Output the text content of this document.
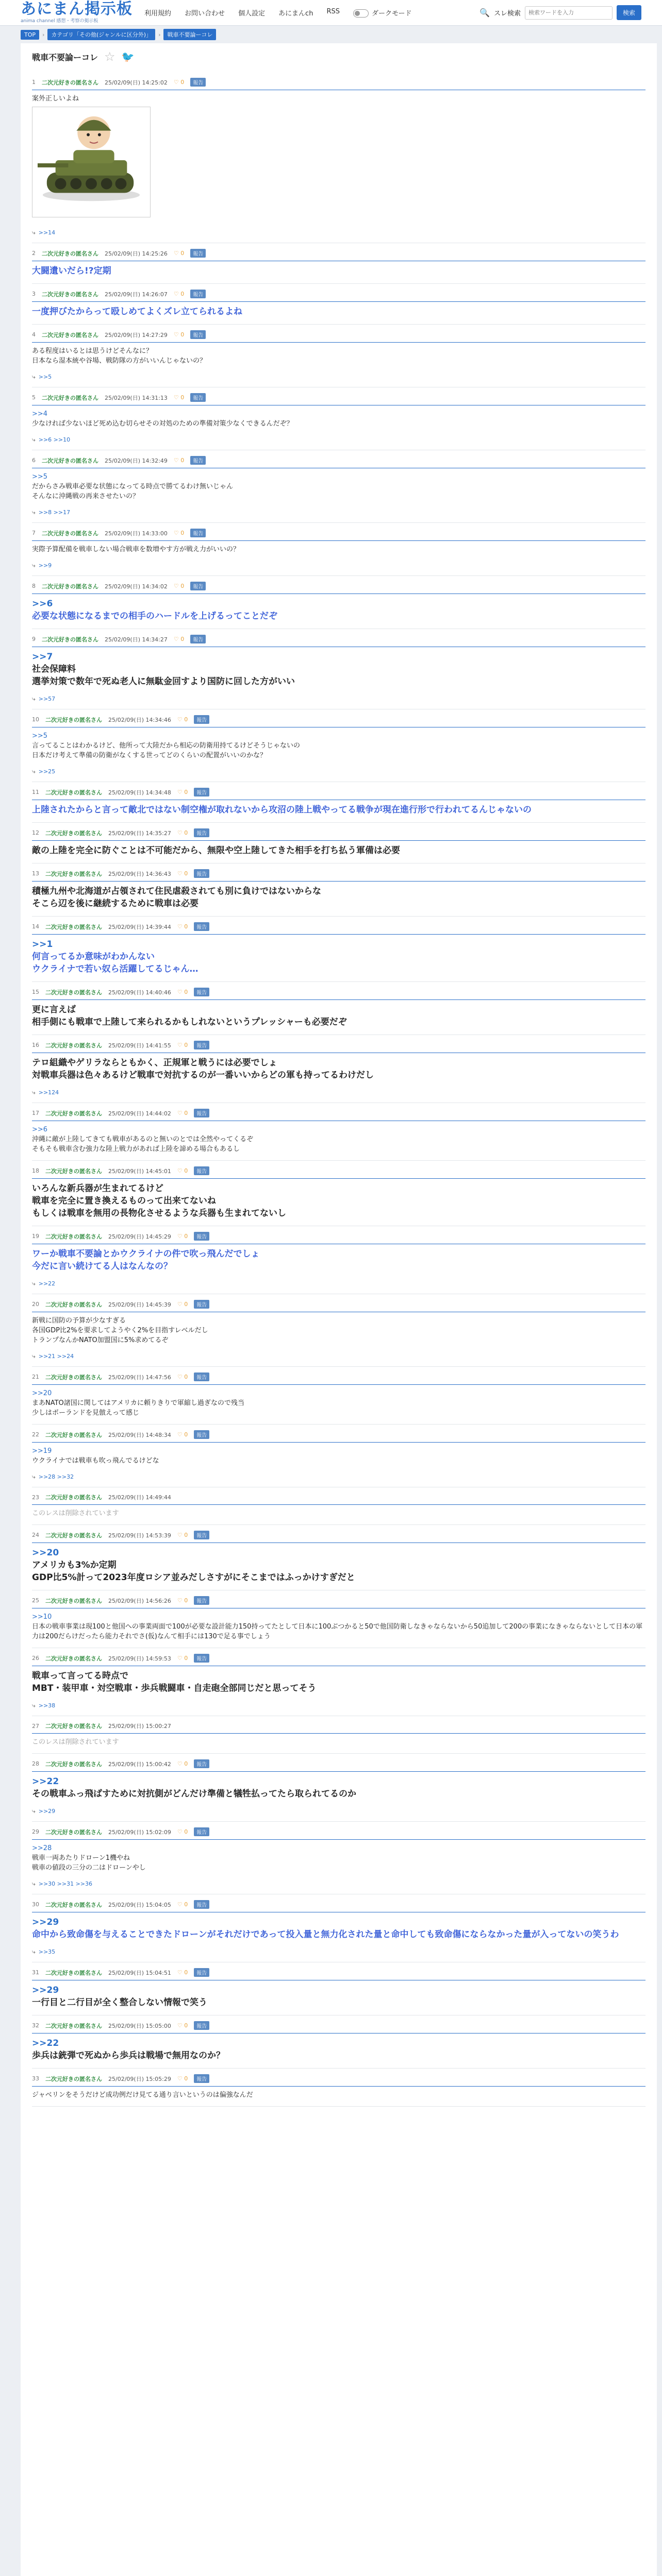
あにまん掲示板
anima channel 感想・考察の掲示板
利用規約 お問い合わせ 個人設定 あにまんch RSS	ダークモード	🔍 スレ検索
検索ワードを入力	検索
TOP	›	カテゴリ「その他(ジャンルに区分外)」	›	戦車不要論ーコレ
戦車不要論ーコレ ☆ 🐦
1 二次元好きの匿名さん 25/02/09(日) 14:25:02 ♡ 0	報告
案外正しいよね
⤷ >>14
2 二次元好きの匿名さん 25/02/09(日) 14:25:26 ♡ 0	報告
大闘遺いだら!?定期
3 二次元好きの匿名さん 25/02/09(日) 14:26:07 ♡ 0	報告
一度押びたからって殴しめてよくズレ立てられるよね
4 二次元好きの匿名さん 25/02/09(日) 14:27:29 ♡ 0	報告
ある程度はいるとは思うけどそんなに？
日本なら湿本統や谷場、戦防隊の方がいいんじゃないの？
⤷ >>5
5 二次元好きの匿名さん 25/02/09(日) 14:31:13 ♡ 0	報告
>>4
少なければ少ないほど死め込む切らせその対処のための準備対策少なくできるんだぞ？
⤷ >>6 >>10
6 二次元好きの匿名さん 25/02/09(日) 14:32:49 ♡ 0	報告
>>5
だからさみ戦車必要な状態になってる時点で勝てるわけ無いじゃん
そんなに沖縄戦の再来させたいの？
⤷ >>8 >>17
7 二次元好きの匿名さん 25/02/09(日) 14:33:00 ♡ 0	報告
実際予算配備を戦車しない場合戦車を数増やす方が戦え力がいいの？
⤷ >>9
8 二次元好きの匿名さん 25/02/09(日) 14:34:02 ♡ 0	報告
>>6
必要な状態になるまでの相手のハードルを上げるってことだぞ
9 二次元好きの匿名さん 25/02/09(日) 14:34:27 ♡ 0	報告
>>7
社会保障料
選挙対策で数年で死ぬ老人に無駄金回すより国防に回した方がいい
⤷ >>57
10 二次元好きの匿名さん 25/02/09(日) 14:34:46 ♡ 0	報告
>>5
言ってることはわかるけど、他所って大陸だから相応の防衛用持てるけどそうじゃないの
日本だけ考えて準備の防衛がなくする世ってどのくらいの配置がいいのかな？
⤷ >>25
11 二次元好きの匿名さん 25/02/09(日) 14:34:48 ♡ 0	報告
上陸されたからと言って敵北ではない制空権が取れないから攻沼の陸上戦やってる戦争が現在進行形で行われてるんじゃないの
12 二次元好きの匿名さん 25/02/09(日) 14:35:27 ♡ 0	報告
敵の上陸を完全に防ぐことは不可能だから、無限や空上陸してきた相手を打ち払う軍備は必要
13 二次元好きの匿名さん 25/02/09(日) 14:36:43 ♡ 0	報告
積極九州や北海道が占領されて住民虐殺されても別に負けではないからな
そこら辺を後に継続するために戦車は必要
14 二次元好きの匿名さん 25/02/09(日) 14:39:44 ♡ 0	報告
>>1
何言ってるか意味がわかんない
ウクライナで若い奴ら活躍してるじゃん…
15 二次元好きの匿名さん 25/02/09(日) 14:40:46 ♡ 0	報告
更に言えば
相手側にも戦車で上陸して来られるかもしれないというプレッシャーも必要だぞ
16 二次元好きの匿名さん 25/02/09(日) 14:41:55 ♡ 0	報告
テロ組織やゲリラならともかく、正規軍と戦うには必要でしょ
対戦車兵器は色々あるけど戦車で対抗するのが一番いいからどの軍も持ってるわけだし
⤷ >>124
17 二次元好きの匿名さん 25/02/09(日) 14:44:02 ♡ 0	報告
>>6
沖縄に敵が上陸してきても戦車があるのと無いのとでは全然やってくるぞ
そもそも戦車含む強力な陸上戦力があれば上陸を諦める場合もあるし
18 二次元好きの匿名さん 25/02/09(日) 14:45:01 ♡ 0	報告
いろんな新兵器が生まれてるけど
戦車を完全に置き換えるものって出来てないね
もしくは戦車を無用の長物化させるような兵器も生まれてないし
19 二次元好きの匿名さん 25/02/09(日) 14:45:29 ♡ 0	報告
ワーか戦車不要論とかウクライナの件で吹っ飛んだでしょ
今だに言い続けてる人はなんなの？
⤷ >>22
20 二次元好きの匿名さん 25/02/09(日) 14:45:39 ♡ 0	報告
新戦に国防の予算が少なすぎる
各国GDP比2%を要求してようやく2%を目指すレベルだし
トランプなんかNATO加盟国に5%求めてるぞ
⤷ >>21 >>24
21 二次元好きの匿名さん 25/02/09(日) 14:47:56 ♡ 0	報告
>>20
まあNATO諸国に関してはアメリカに頼りきりで軍縮し過ぎなので残当
少しはポーランドを見倣えって感じ
22 二次元好きの匿名さん 25/02/09(日) 14:48:34 ♡ 0	報告
>>19
ウクライナでは戦車も吹っ飛んでるけどな
⤷ >>28 >>32
23 二次元好きの匿名さん 25/02/09(日) 14:49:44
このレスは削除されています
24 二次元好きの匿名さん 25/02/09(日) 14:53:39 ♡ 0	報告
>>20
アメリカも3%か定期
GDP比5%計って2023年度ロシア並みだしさすがにそこまではふっかけすぎだと
25 二次元好きの匿名さん 25/02/09(日) 14:56:26 ♡ 0	報告
>>10
日本の戦車事業は現100と他国への事業両面で100が必要な設計能力150持ってたとして日本に100ぶつかると50で他国防衛しなきゃならないから50追加して200の事業になきゃならないとして日本の軍力は200だらけだったら能力それでさ(仮)なんて相手には130で足る事でしょう
26 二次元好きの匿名さん 25/02/09(日) 14:59:53 ♡ 0	報告
戦車って言ってる時点で
MBT・装甲車・対空戦車・歩兵戦闘車・自走砲全部同じだと思ってそう
⤷ >>38
27 二次元好きの匿名さん 25/02/09(日) 15:00:27
このレスは削除されています
28 二次元好きの匿名さん 25/02/09(日) 15:00:42 ♡ 0	報告
>>22
その戦車ふっ飛ばすために対抗側がどんだけ準備と犠牲払ってたら取られてるのか
⤷ >>29
29 二次元好きの匿名さん 25/02/09(日) 15:02:09 ♡ 0	報告
>>28
戦車一両あたりドローン1機やね
戦車の値段の三分の二はドローンやし
⤷ >>30 >>31 >>36
30 二次元好きの匿名さん 25/02/09(日) 15:04:05 ♡ 0	報告
>>29
命中から致命傷を与えることできたドローンがそれだけであって投入量と無力化された量と命中しても致命傷にならなかった量が入ってないの笑うわ
⤷ >>35
31 二次元好きの匿名さん 25/02/09(日) 15:04:51 ♡ 0	報告
>>29
一行目と二行目が全く整合しない情報で笑う
32 二次元好きの匿名さん 25/02/09(日) 15:05:00 ♡ 0	報告
>>22
歩兵は銃弾で死ぬから歩兵は戦場で無用なのか？
33 二次元好きの匿名さん 25/02/09(日) 15:05:29 ♡ 0	報告
ジャベリンをそうだけど成功例だけ見てる通り言いというのは偏強なんだ
